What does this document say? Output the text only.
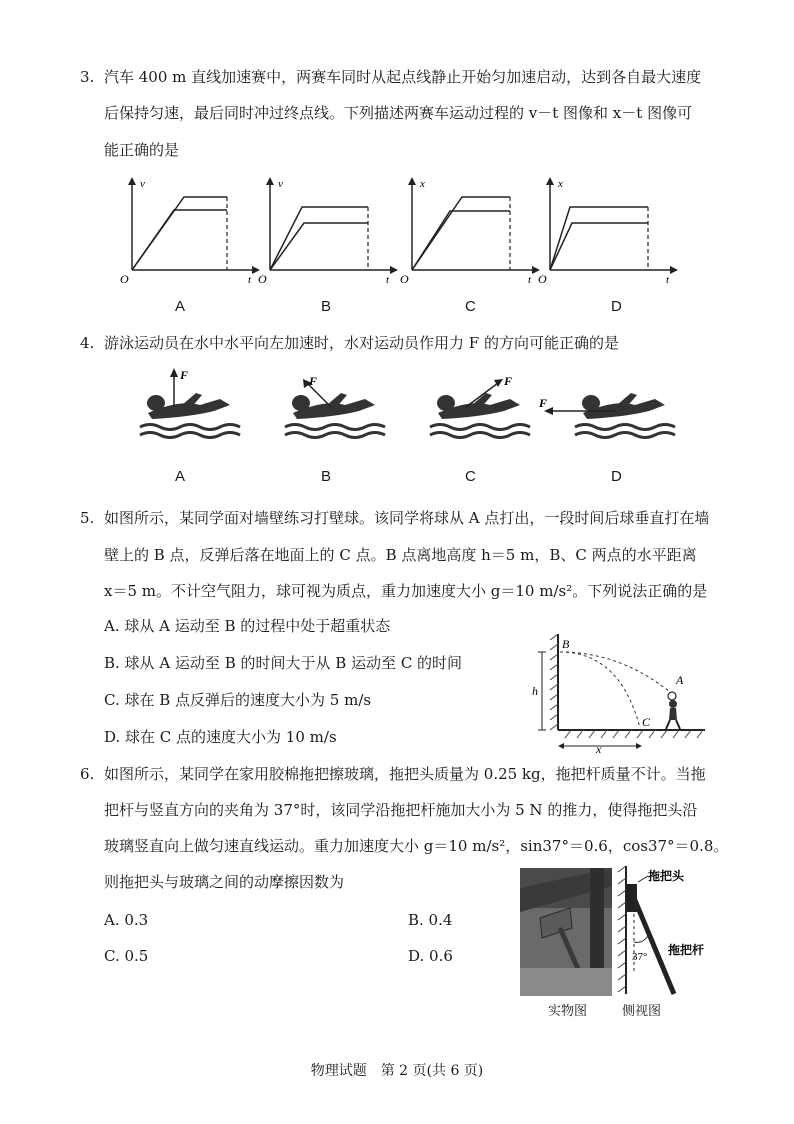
3. 汽车 400 m 直线加速赛中，两赛车同时从起点线静止开始匀加速启动，达到各自最大速度
后保持匀速，最后同时冲过终点线。下列描述两赛车运动过程的 v－t 图像和 x－t 图像可
能正确的是
v
t
O
v
t
O
x
t
O
x
t
O
A	B	C	D
4. 游泳运动员在水中水平向左加速时，水对运动员作用力 F 的方向可能正确的是
F	F	F
F
A	B	C	D
5. 如图所示，某同学面对墙壁练习打壁球。该同学将球从 A 点打出，一段时间后球垂直打在墙
壁上的 B 点，反弹后落在地面上的 C 点。B 点离地高度 h＝5 m，B、C 两点的水平距离
x＝5 m。不计空气阻力，球可视为质点，重力加速度大小 g＝10 m/s²。下列说法正确的是
A. 球从 A 运动至 B 的过程中处于超重状态
B. 球从 A 运动至 B 的时间大于从 B 运动至 C 的时间
C. 球在 B 点反弹后的速度大小为 5 m/s
D. 球在 C 点的速度大小为 10 m/s
h
B
A
C
x
6. 如图所示，某同学在家用胶棉拖把擦玻璃，拖把头质量为 0.25 kg，拖把杆质量不计。当拖
把杆与竖直方向的夹角为 37°时，该同学沿拖把杆施加大小为 5 N 的推力，使得拖把头沿
玻璃竖直向上做匀速直线运动。重力加速度大小 g＝10 m/s²，sin37°＝0.6，cos37°＝0.8。
则拖把头与玻璃之间的动摩擦因数为
A. 0.3	B. 0.4
C. 0.5	D. 0.6	37°
拖把头
拖把杆
实物图	侧视图
物理试题　第 2 页(共 6 页)
